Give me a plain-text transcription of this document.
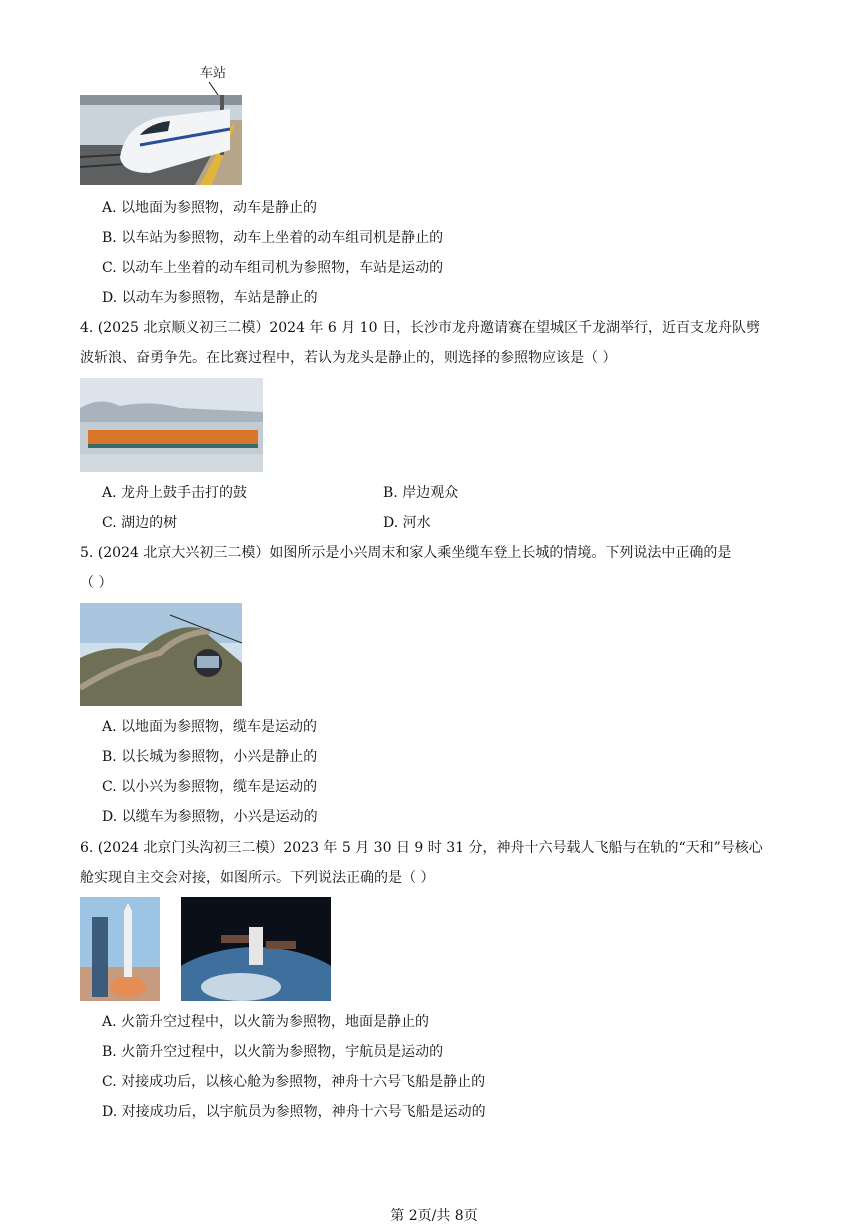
车站
A. 以地面为参照物，动车是静止的
B. 以车站为参照物，动车上坐着的动车组司机是静止的
C. 以动车上坐着的动车组司机为参照物，车站是运动的
D. 以动车为参照物，车站是静止的
4. (2025 北京顺义初三二模）2024 年 6 月 10 日，长沙市龙舟邀请赛在望城区千龙湖举行，近百支龙舟队劈
波斩浪、奋勇争先。在比赛过程中，若认为龙头是静止的，则选择的参照物应该是（ ）
A. 龙舟上鼓手击打的鼓	B. 岸边观众
C. 湖边的树	D. 河水
5. (2024 北京大兴初三二模）如图所示是小兴周末和家人乘坐缆车登上长城的情境。下列说法中正确的是
（ ）
A. 以地面为参照物，缆车是运动的
B. 以长城为参照物，小兴是静止的
C. 以小兴为参照物，缆车是运动的
D. 以缆车为参照物，小兴是运动的
6. (2024 北京门头沟初三二模）2023 年 5 月 30 日 9 时 31 分，神舟十六号载人飞船与在轨的“天和”号核心
舱实现自主交会对接，如图所示。下列说法正确的是（ ）
A. 火箭升空过程中，以火箭为参照物，地面是静止的
B. 火箭升空过程中，以火箭为参照物，宇航员是运动的
C. 对接成功后，以核心舱为参照物，神舟十六号飞船是静止的
D. 对接成功后，以宇航员为参照物，神舟十六号飞船是运动的
第 2页/共 8页
